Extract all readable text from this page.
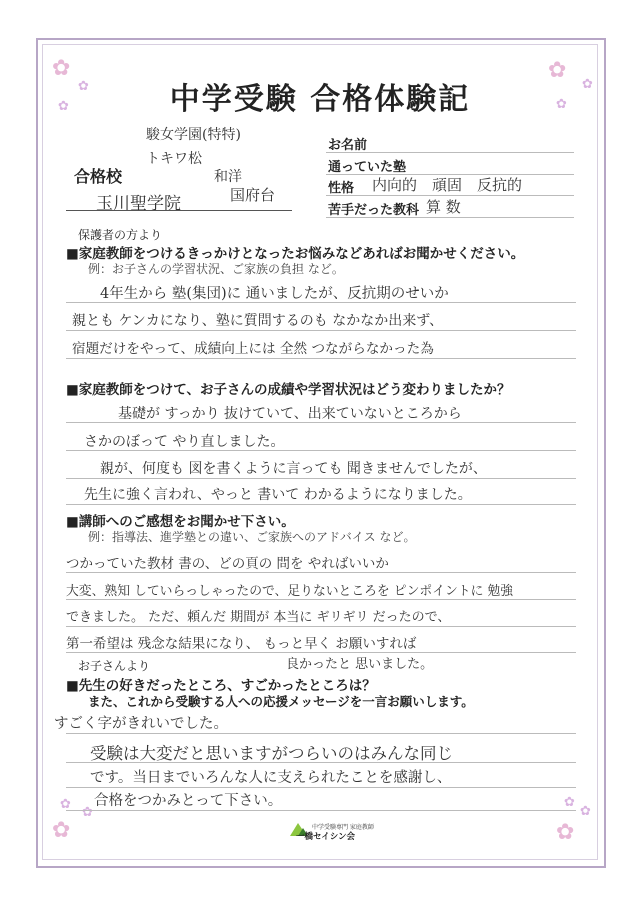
✿
✿
✿
✿
✿
✿
✿
✿
✿
✿
✿
✿
中学受験 合格体験記
合格校
駿女学園(特特)
トキワ松
玉川聖学院
和洋
国府台
お名前
通っていた塾
性格 内向的　頑固　反抗的
苦手だった教科 算 数
保護者の方より
■家庭教師をつけるきっかけとなったお悩みなどあればお聞かせください。
例：お子さんの学習状況、ご家族の負担 など。
4年生から 塾(集団)に 通いましたが、反抗期のせいか
親とも ケンカになり、塾に質問するのも なかなか出来ず、
宿題だけをやって、成績向上には 全然 つながらなかった為
■家庭教師をつけて、お子さんの成績や学習状況はどう変わりましたか？
基礎が すっかり 抜けていて、出来ていないところから
さかのぼって やり直しました。
親が、何度も 図を書くように言っても 聞きませんでしたが、
先生に強く言われ、やっと 書いて わかるようになりました。
■講師へのご感想をお聞かせ下さい。
例：指導法、進学塾との違い、ご家族へのアドバイス など。
つかっていた教材 書の、どの頁の 問を やればいいか
大変、熟知 していらっしゃったので、足りないところを ピンポイントに 勉強
できました。 ただ、頼んだ 期間が 本当に ギリギリ だったので、
第一希望は 残念な結果になり、 もっと早く お願いすれば
良かったと 思いました。
お子さんより
■先生の好きだったところ、すごかったところは？
また、これから受験する人への応援メッセージを一言お願いします。
すごく字がきれいでした。
受験は大変だと思いますがつらいのはみんな同じ
です。当日までいろんな人に支えられたことを感謝し、
合格をつかみとって下さい。
中学受験専門 家庭教師
一橋セイシン会
